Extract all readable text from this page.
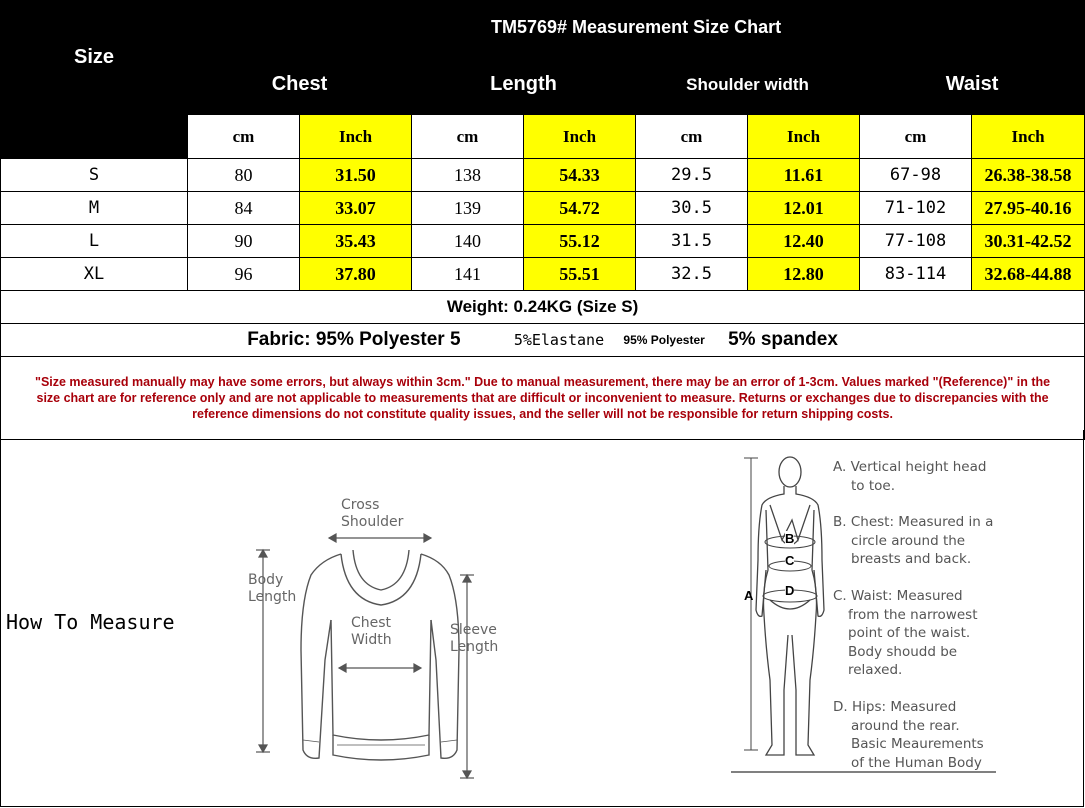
Size	TM5769# Measurement Size Chart							
	Chest		Length		Shoulder width		Waist	
	cm	Inch	cm	Inch	cm	Inch	cm	Inch
S	80	31.50	138	54.33	29.5	11.61	67-98	26.38-38.58
M	84	33.07	139	54.72	30.5	12.01	71-102	27.95-40.16
L	90	35.43	140	55.12	31.5	12.40	77-108	30.31-42.52
XL	96	37.80	141	55.51	32.5	12.80	83-114	32.68-44.88
Weight: 0.24KG (Size S)								
Fabric: 95% Polyester 5 5%Elastane 95% Polyester 5% spandex								
"Size measured manually may have some errors, but always within 3cm." Due to manual measurement, there may be an error of 1-3cm. Values marked "(Reference)" in the size chart are for reference only and are not applicable to measurements that are difficult or inconvenient to measure. Returns or exchanges due to discrepancies with the reference dimensions do not constitute quality issues, and the seller will not be responsible for return shipping costs.								
How To Measure
Cross
Shoulder
Body
Length
Chest
Width
Sleeve
Length
B
C
D
A
A. Vertical height head
to toe.
B. Chest: Measured in a
circle around the
breasts and back.
C. Waist: Measured
from the narrowest
point of the waist.
Body shoudd be
relaxed.
D. Hips: Measured
around the rear.
Basic Meaurements
of the Human Body
